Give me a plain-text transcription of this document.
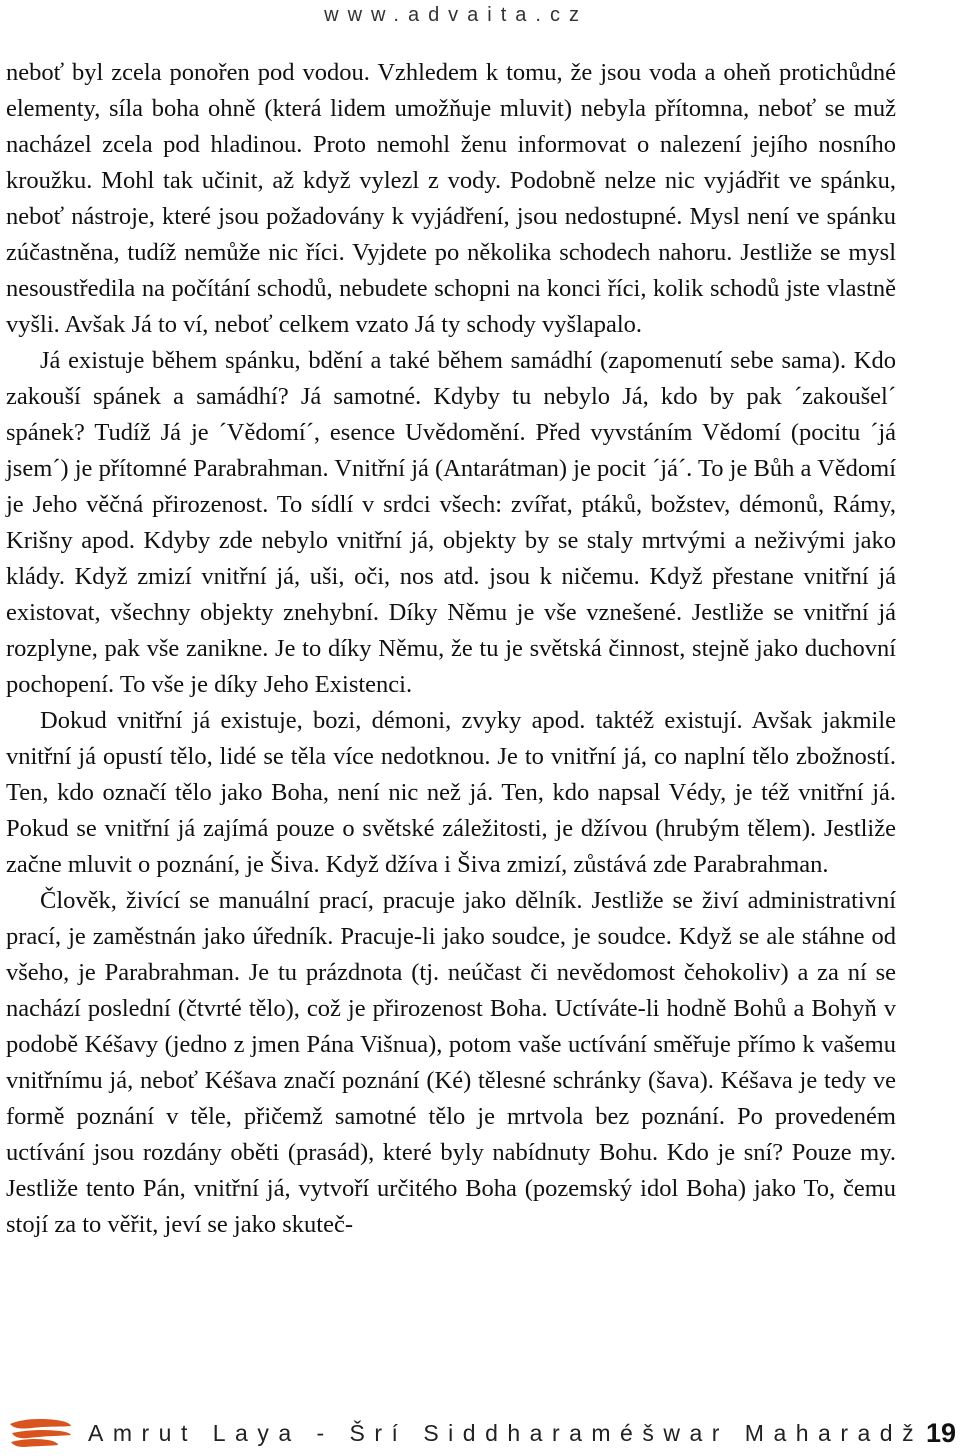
www.advaita.cz

neboť byl zcela ponořen pod vodou. Vzhledem k tomu, že jsou voda a oheň protichůdné elementy, síla boha ohně (která lidem umožňuje mluvit) nebyla přítomna, neboť se muž nacházel zcela pod hladinou. Proto nemohl ženu informovat o nalezení jejího nosního kroužku. Mohl tak učinit, až když vylezl z vody. Podobně nelze nic vyjádřit ve spánku, neboť nástroje, které jsou požadovány k vyjádření, jsou nedostupné. Mysl není ve spánku zúčastněna, tudíž nemůže nic říci. Vyjdete po několika schodech nahoru. Jestliže se mysl nesoustředila na počítání schodů, nebudete schopni na konci říci, kolik schodů jste vlastně vyšli. Avšak Já to ví, neboť celkem vzato Já ty schody vyšlapalo.

Já existuje během spánku, bdění a také během samádhí (zapomenutí sebe sama). Kdo zakouší spánek a samádhí? Já samotné. Kdyby tu nebylo Já, kdo by pak ´zakoušel´ spánek? Tudíž Já je ´Vědomí´, esence Uvědomění. Před vyvstáním Vědomí (pocitu ´já jsem´) je přítomné Parabrahman. Vnitřní já (Antarátman) je pocit ´já´. To je Bůh a Vědomí je Jeho věčná přirozenost. To sídlí v srdci všech: zvířat, ptáků, božstev, démonů, Rámy, Krišny apod. Kdyby zde nebylo vnitřní já, objekty by se staly mrtvými a neživými jako klády. Když zmizí vnitřní já, uši, oči, nos atd. jsou k ničemu. Když přestane vnitřní já existovat, všechny objekty znehybní. Díky Němu je vše vznešené. Jestliže se vnitřní já rozplyne, pak vše zanikne. Je to díky Němu, že tu je světská činnost, stejně jako duchovní pochopení. To vše je díky Jeho Existenci.

Dokud vnitřní já existuje, bozi, démoni, zvyky apod. taktéž existují. Avšak jakmile vnitřní já opustí tělo, lidé se těla více nedotknou. Je to vnitřní já, co naplní tělo zbožností. Ten, kdo označí tělo jako Boha, není nic než já. Ten, kdo napsal Védy, je též vnitřní já. Pokud se vnitřní já zajímá pouze o světské záležitosti, je džívou (hrubým tělem). Jestliže začne mluvit o poznání, je Šiva. Když džíva i Šiva zmizí, zůstává zde Parabrahman.

Člověk, živící se manuální prací, pracuje jako dělník. Jestliže se živí administrativní prací, je zaměstnán jako úředník. Pracuje-li jako soudce, je soudce. Když se ale stáhne od všeho, je Parabrahman. Je tu prázdnota (tj. neúčast či nevědomost čehokoliv) a za ní se nachází poslední (čtvrté tělo), což je přirozenost Boha. Uctíváte-li hodně Bohů a Bohyň v podobě Kéšavy (jedno z jmen Pána Višnua), potom vaše uctívání směřuje přímo k vašemu vnitřnímu já, neboť Kéšava značí poznání (Ké) tělesné schránky (šava). Kéšava je tedy ve formě poznání v těle, přičemž samotné tělo je mrtvola bez poznání. Po provedeném uctívání jsou rozdány oběti (prasád), které byly nabídnuty Bohu. Kdo je sní? Pouze my. Jestliže tento Pán, vnitřní já, vytvoří určitého Boha (pozemský idol Boha) jako To, čemu stojí za to věřit, jeví se jako skuteč-

Amrut Laya - Šrí Siddharaméšwar Maharadž 19
